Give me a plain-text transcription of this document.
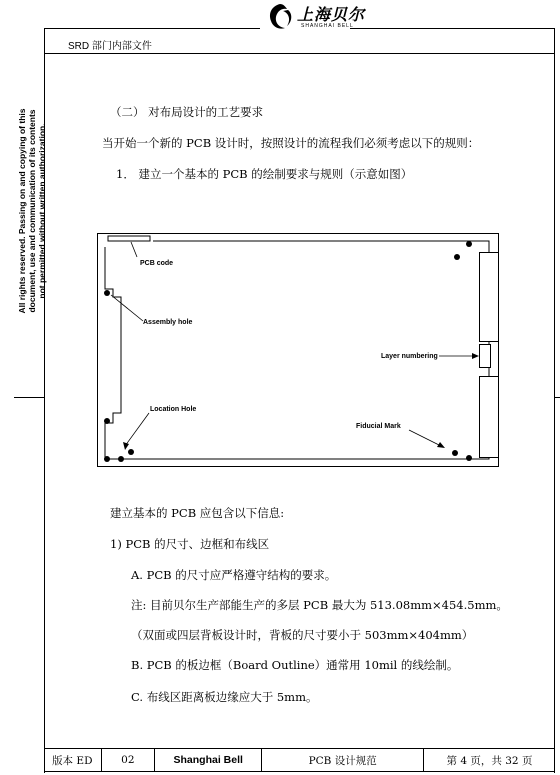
上海贝尔
SHANGHAI BELL
SRD 部门内部文件
All rights reserved. Passing on and copying of this document, use and communication of its contents not permitted without written authorization.
（二） 对布局设计的工艺要求
当开始一个新的 PCB 设计时，按照设计的流程我们必须考虑以下的规则：
1． 建立一个基本的 PCB 的绘制要求与规则（示意如图）
PCB code
Assembly hole
Layer numbering
Location Hole
Fiducial Mark
建立基本的 PCB 应包含以下信息:
1) PCB 的尺寸、边框和布线区
A. PCB 的尺寸应严格遵守结构的要求。
注: 目前贝尔生产部能生产的多层 PCB 最大为 513.08mm×454.5mm。
（双面或四层背板设计时，背板的尺寸要小于 503mm×404mm）
B. PCB 的板边框（Board Outline）通常用 10mil 的线绘制。
C. 布线区距离板边缘应大于 5mm。
版本 ED	02	Shanghai Bell	PCB 设计规范	第 4 页，共 32 页
